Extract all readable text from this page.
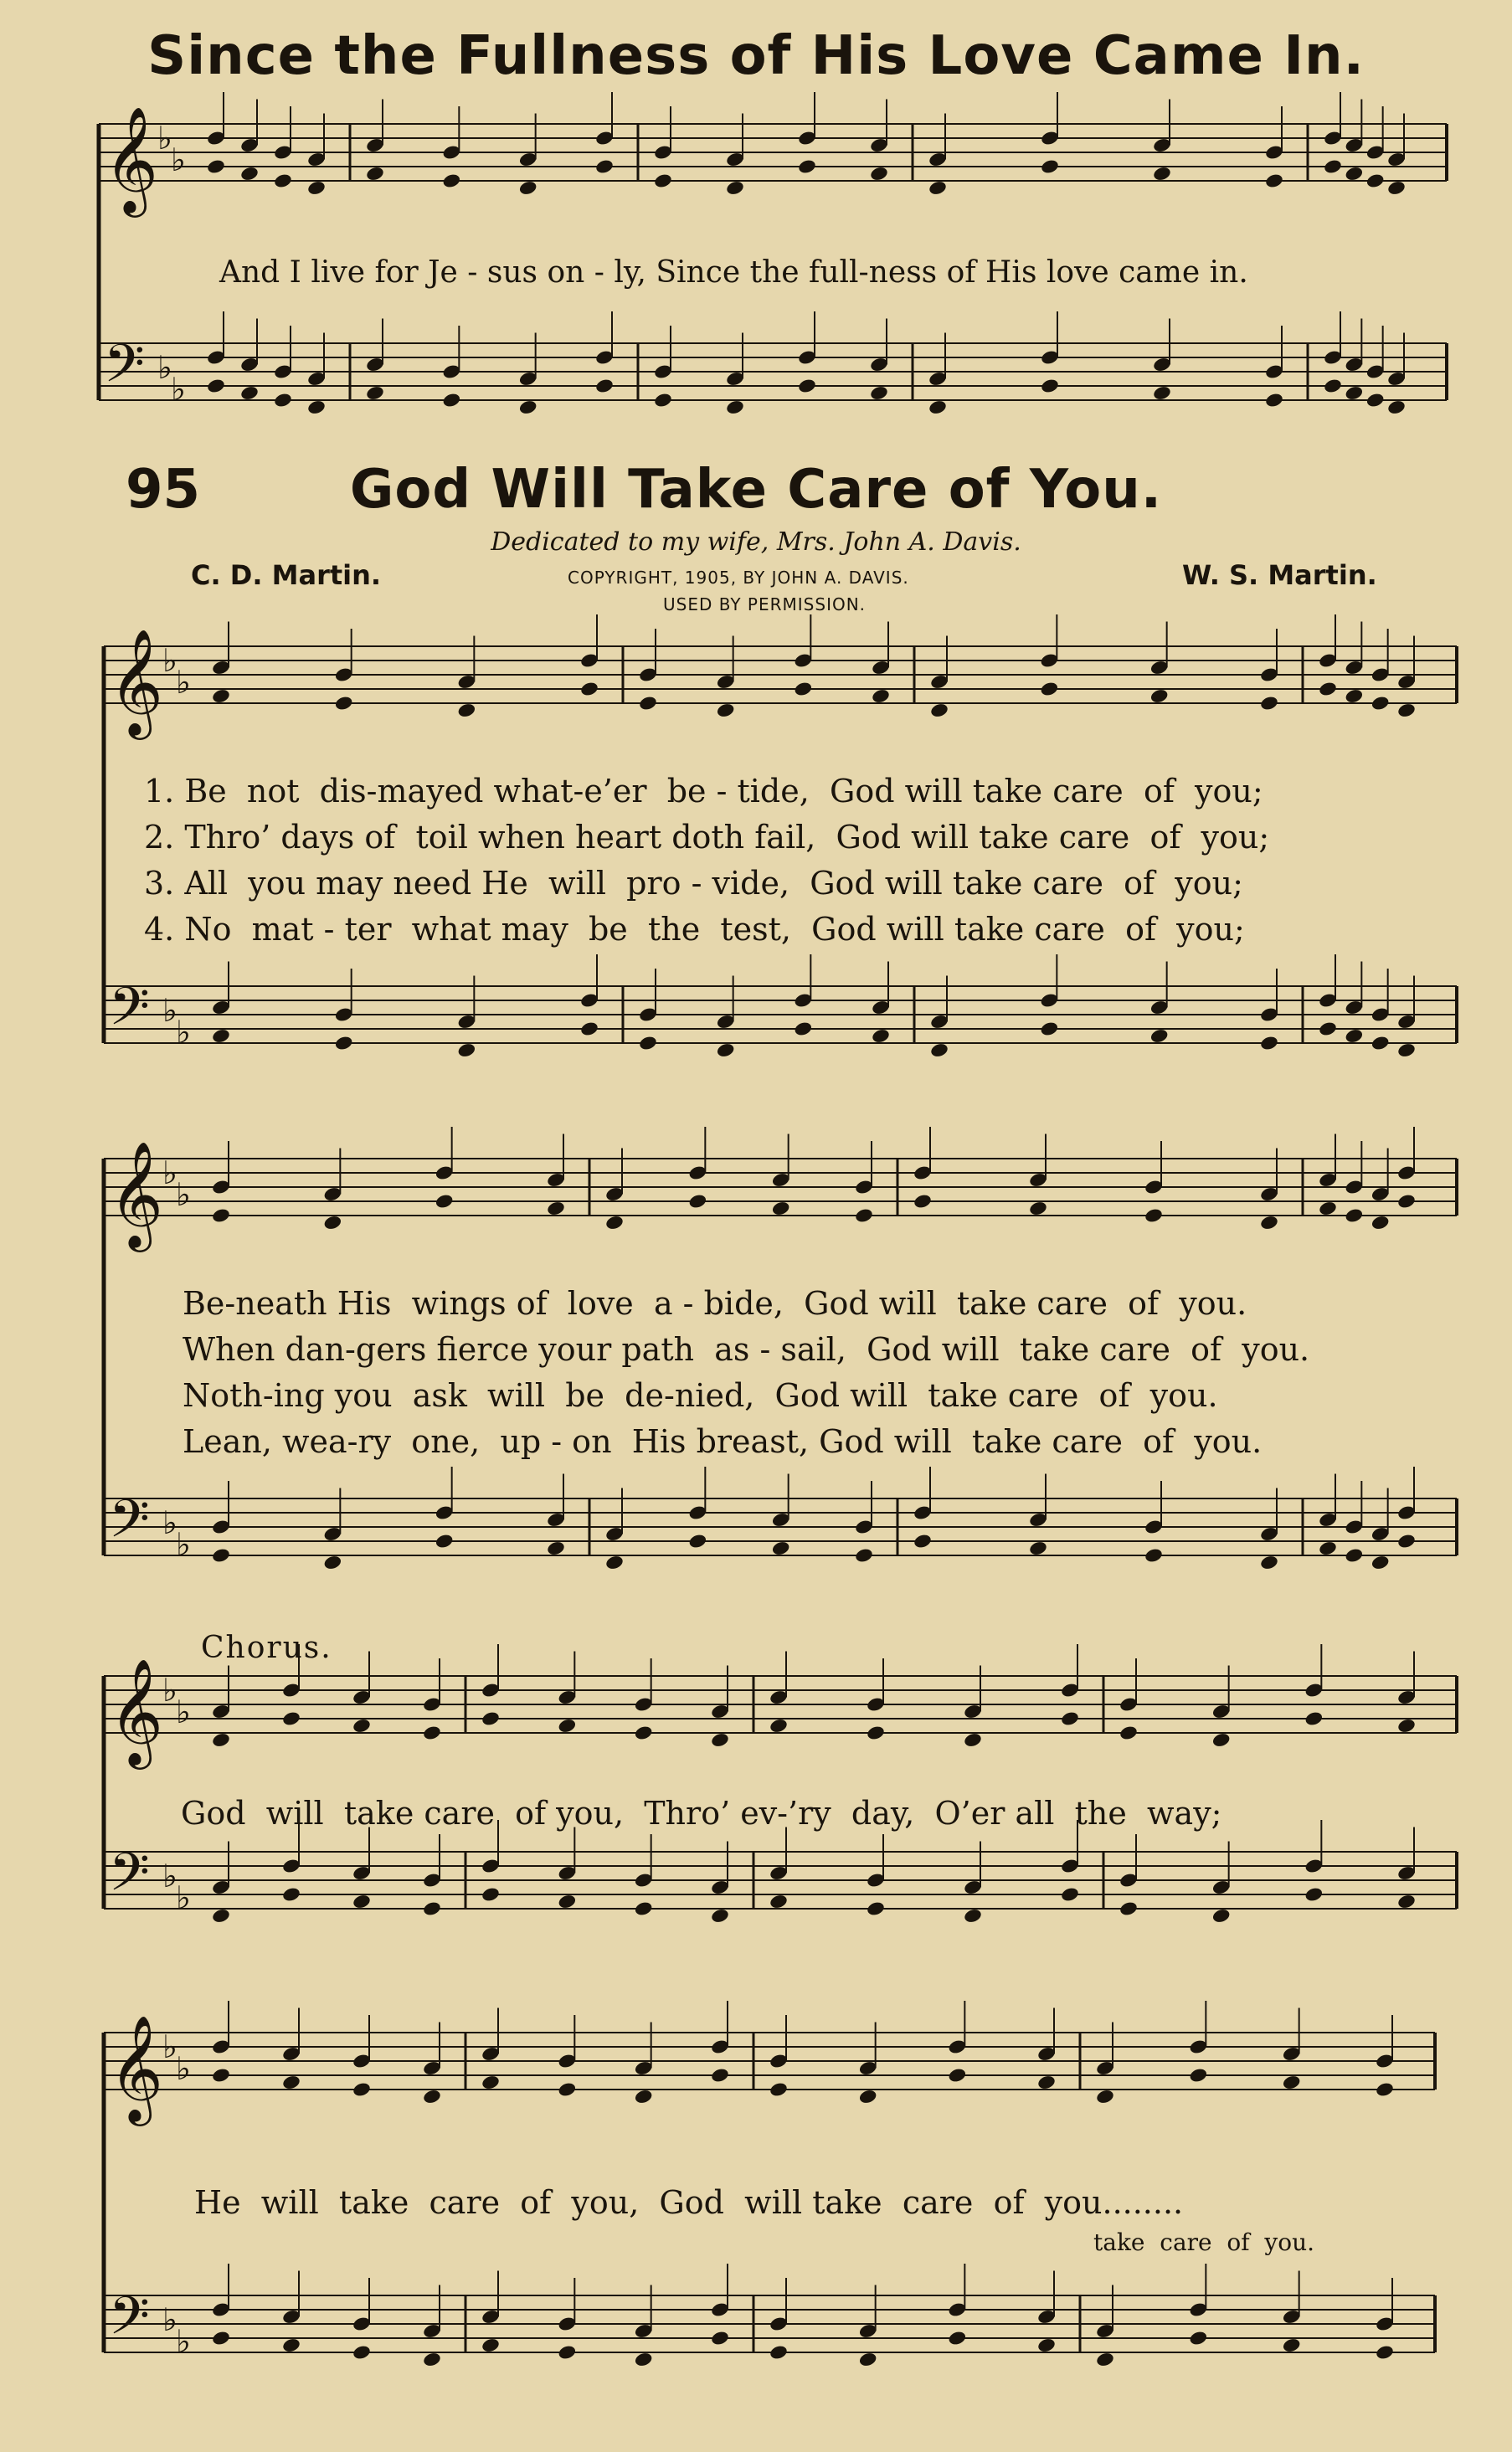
𝄞
♭
♭
𝄢 ♭
♭
𝄞
♭
♭
𝄢 ♭
♭
𝄞
♭
♭
𝄢 ♭
♭
𝄞
♭
♭
𝄢 ♭
♭
𝄞
♭
♭
𝄢 ♭
♭
Since the Fullness of His Love Came In.
And I live for Je - sus on - ly, Since the full-ness of His love came in.
95	God Will Take Care of You.
Dedicated to my wife, Mrs. John A. Davis.
C. D. Martin.	COPYRIGHT, 1905, BY JOHN A. DAVIS.
USED BY PERMISSION.
W. S. Martin.
1. Be  not  dis-mayed what-e’er  be - tide,  God will take care  of  you;
2. Thro’ days of  toil when heart doth fail,  God will take care  of  you;
3. All  you may need He  will  pro - vide,  God will take care  of  you;
4. No  mat - ter  what may  be  the  test,  God will take care  of  you;
Be-neath His  wings of  love  a - bide,  God will  take care  of  you.
When dan-gers fierce your path  as - sail,  God will  take care  of  you.
Noth-ing you  ask  will  be  de-nied,  God will  take care  of  you.
Lean, wea-ry  one,  up - on  His breast, God will  take care  of  you.
Chorus.
God  will  take care  of you,  Thro’ ev-’ry  day,  O’er all  the  way;
He  will  take  care  of  you,  God  will take  care  of  you........
take  care  of  you.
